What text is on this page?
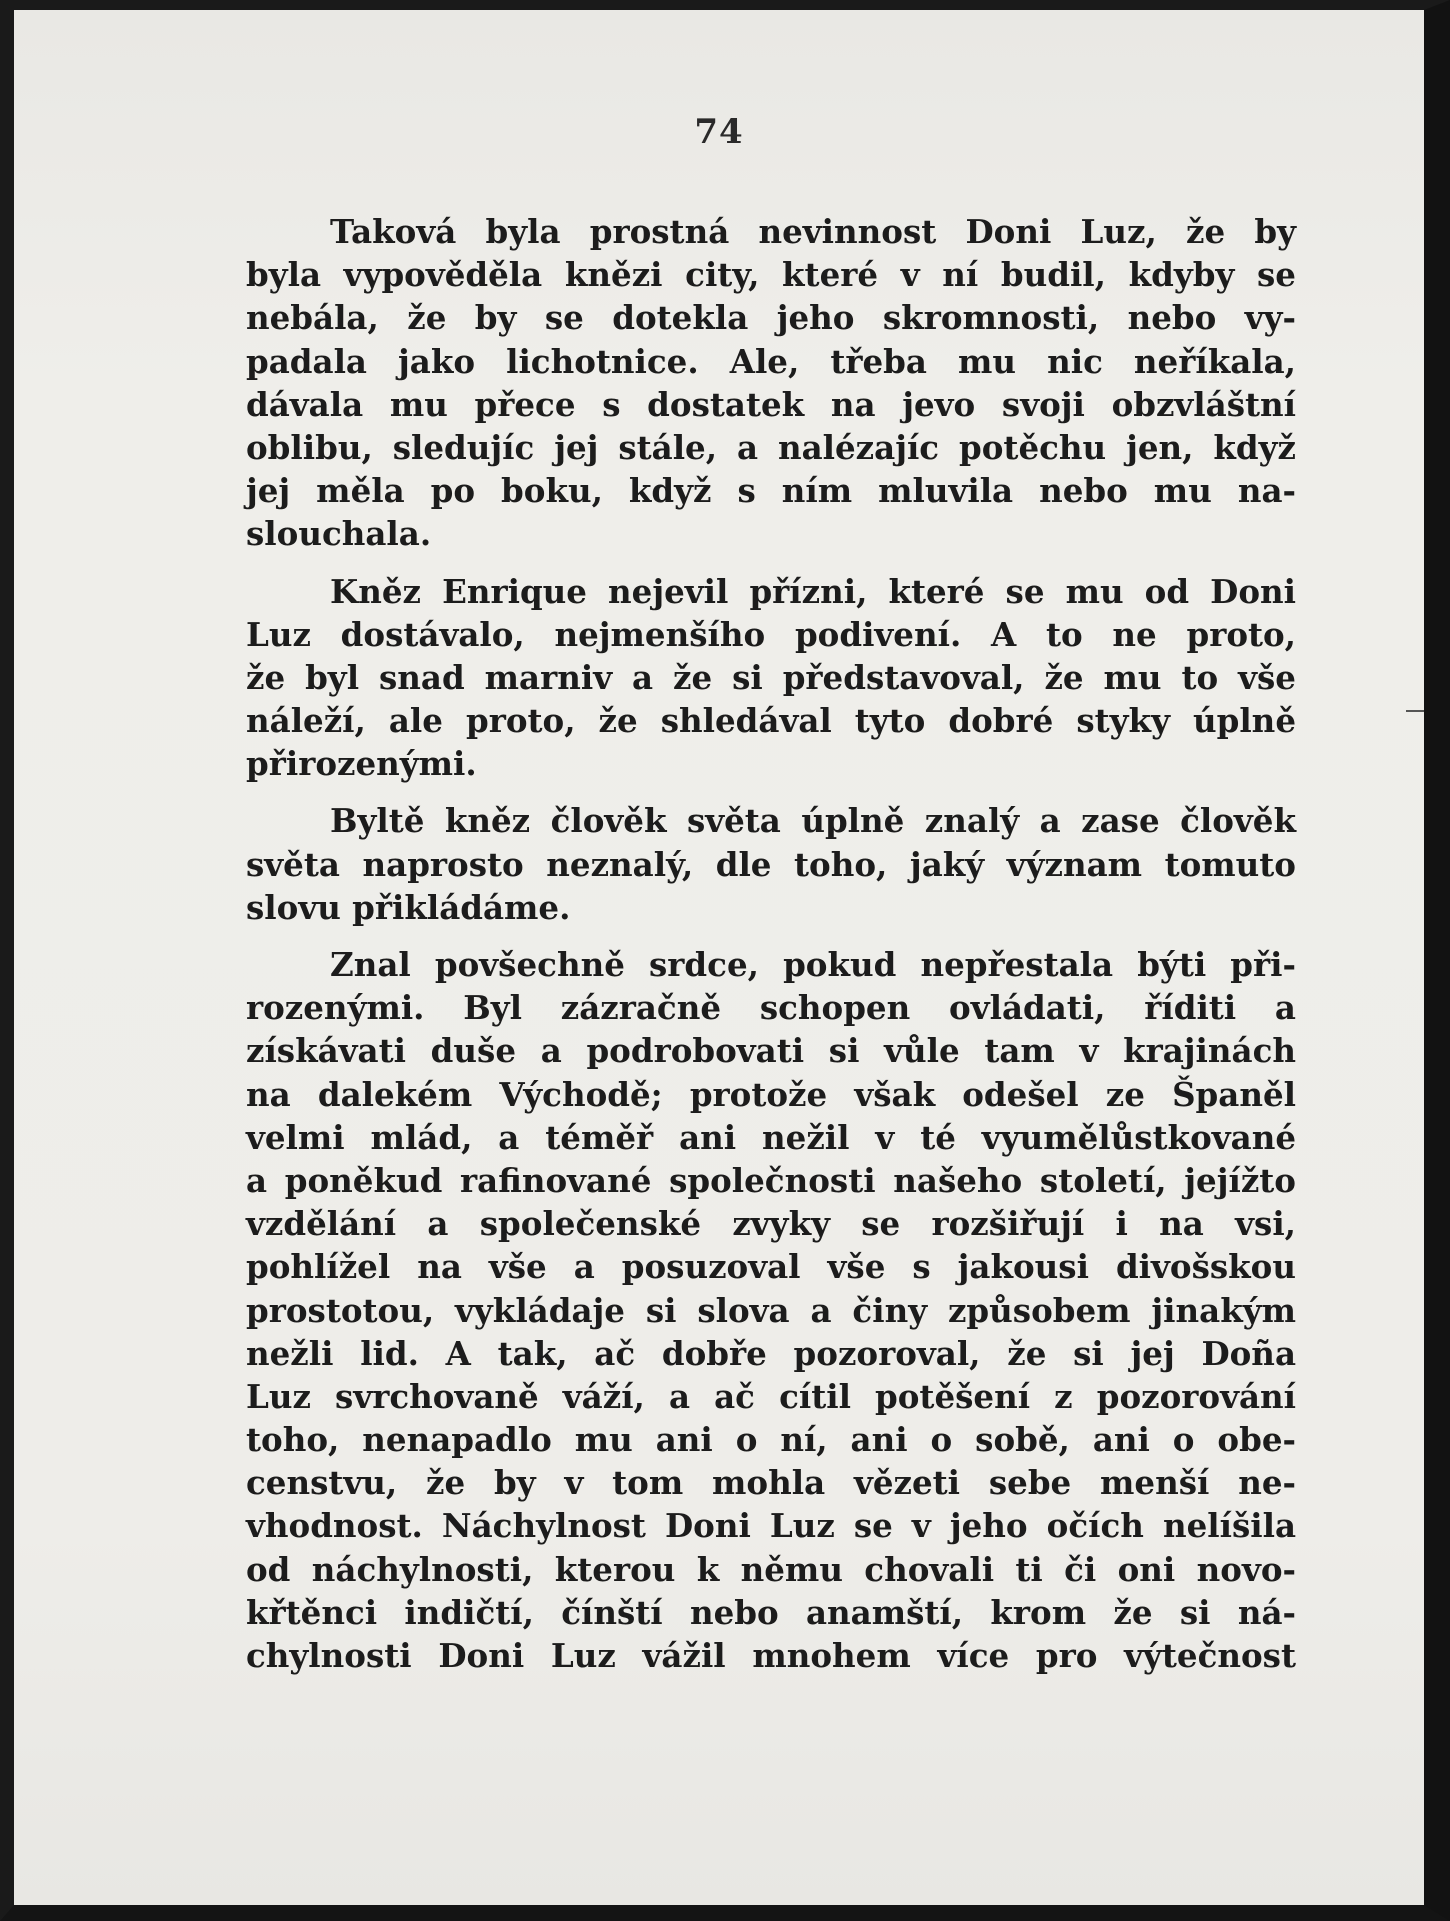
74
Taková byla prostná nevinnost Doni Luz, že by
byla vypověděla knězi city, které v ní budil, kdyby se
nebála, že by se dotekla jeho skromnosti, nebo vy-
padala jako lichotnice. Ale, třeba mu nic neříkala,
dávala mu přece s dostatek na jevo svoji obzvláštní
oblibu, sledujíc jej stále, a nalézajíc potěchu jen, když
jej měla po boku, když s ním mluvila nebo mu na-
slouchala.
Kněz Enrique nejevil přízni, které se mu od Doni
Luz dostávalo, nejmenšího podivení. A to ne proto,
že byl snad marniv a že si představoval, že mu to vše
náleží, ale proto, že shledával tyto dobré styky úplně
přirozenými.
Byltě kněz člověk světa úplně znalý a zase člověk
světa naprosto neznalý, dle toho, jaký význam tomuto
slovu přikládáme.
Znal povšechně srdce, pokud nepřestala býti při-
rozenými. Byl zázračně schopen ovládati, říditi a
získávati duše a podrobovati si vůle tam v krajinách
na dalekém Východě; protože však odešel ze Španěl
velmi mlád, a téměř ani nežil v té vyumělůstkované
a poněkud rafinované společnosti našeho století, jejížto
vzdělání a společenské zvyky se rozšiřují i na vsi,
pohlížel na vše a posuzoval vše s jakousi divošskou
prostotou, vykládaje si slova a činy způsobem jinakým
nežli lid. A tak, ač dobře pozoroval, že si jej Doña
Luz svrchovaně váží, a ač cítil potěšení z pozorování
toho, nenapadlo mu ani o ní, ani o sobě, ani o obe-
censtvu, že by v tom mohla vězeti sebe menší ne-
vhodnost. Náchylnost Doni Luz se v jeho očích nelíšila
od náchylnosti, kterou k němu chovali ti či oni novo-
křtěnci indičtí, čínští nebo anamští, krom že si ná-
chylnosti Doni Luz vážil mnohem více pro výtečnost
